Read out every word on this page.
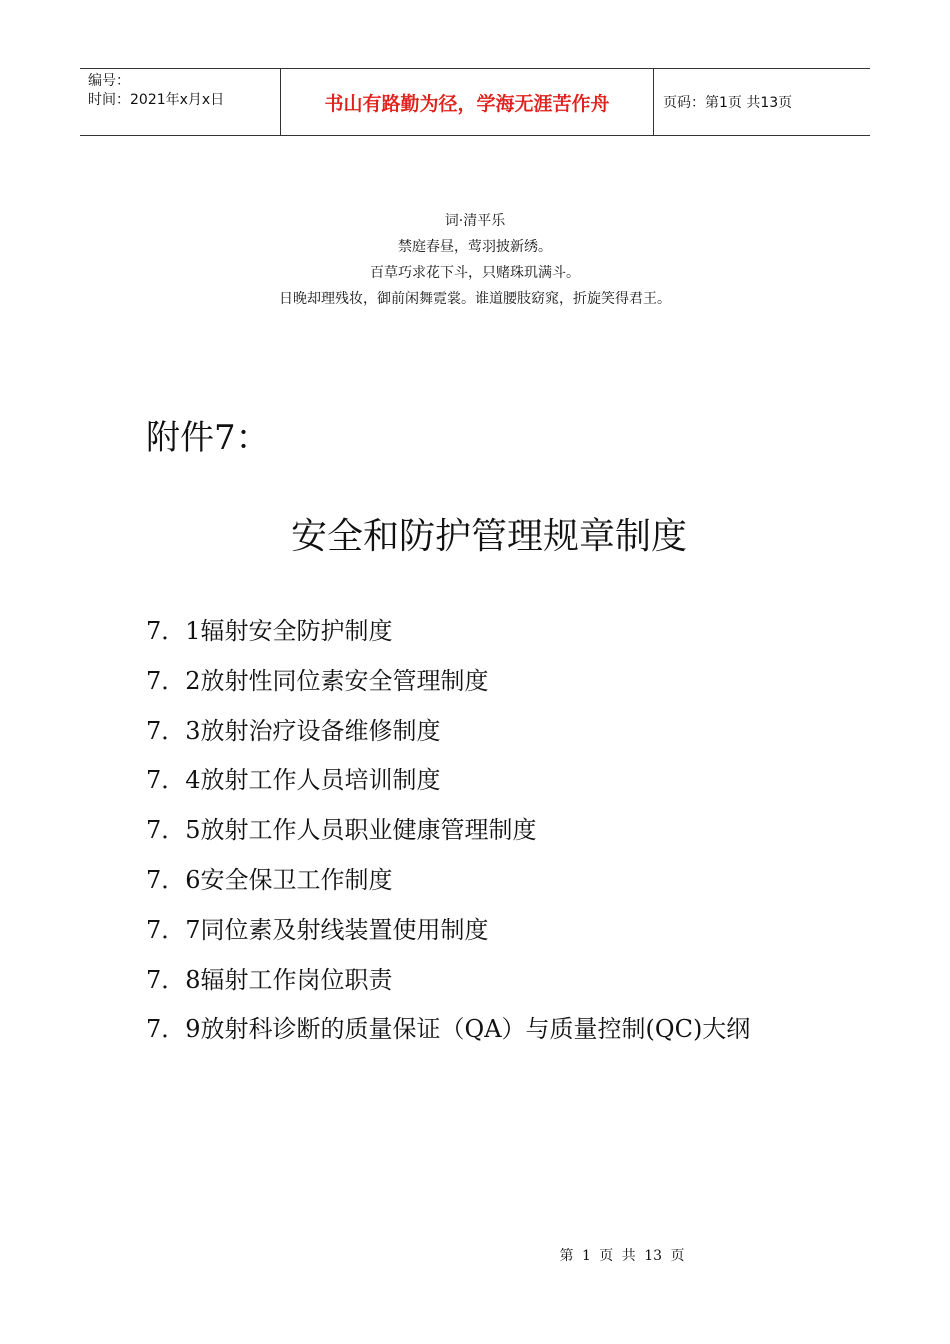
编号：
时间：2021年x月x日	书山有路勤为径，学海无涯苦作舟	页码：第1页 共13页
词·清平乐
禁庭春昼，莺羽披新绣。
百草巧求花下斗，只赌珠玑满斗。
日晚却理残妆，御前闲舞霓裳。谁道腰肢窈窕，折旋笑得君王。
附件7：
安全和防护管理规章制度
7．1辐射安全防护制度
7．2放射性同位素安全管理制度
7．3放射治疗设备维修制度
7．4放射工作人员培训制度
7．5放射工作人员职业健康管理制度
7．6安全保卫工作制度
7．7同位素及射线装置使用制度
7．8辐射工作岗位职责
7．9放射科诊断的质量保证（QA）与质量控制(QC)大纲
第 1 页 共 13 页
